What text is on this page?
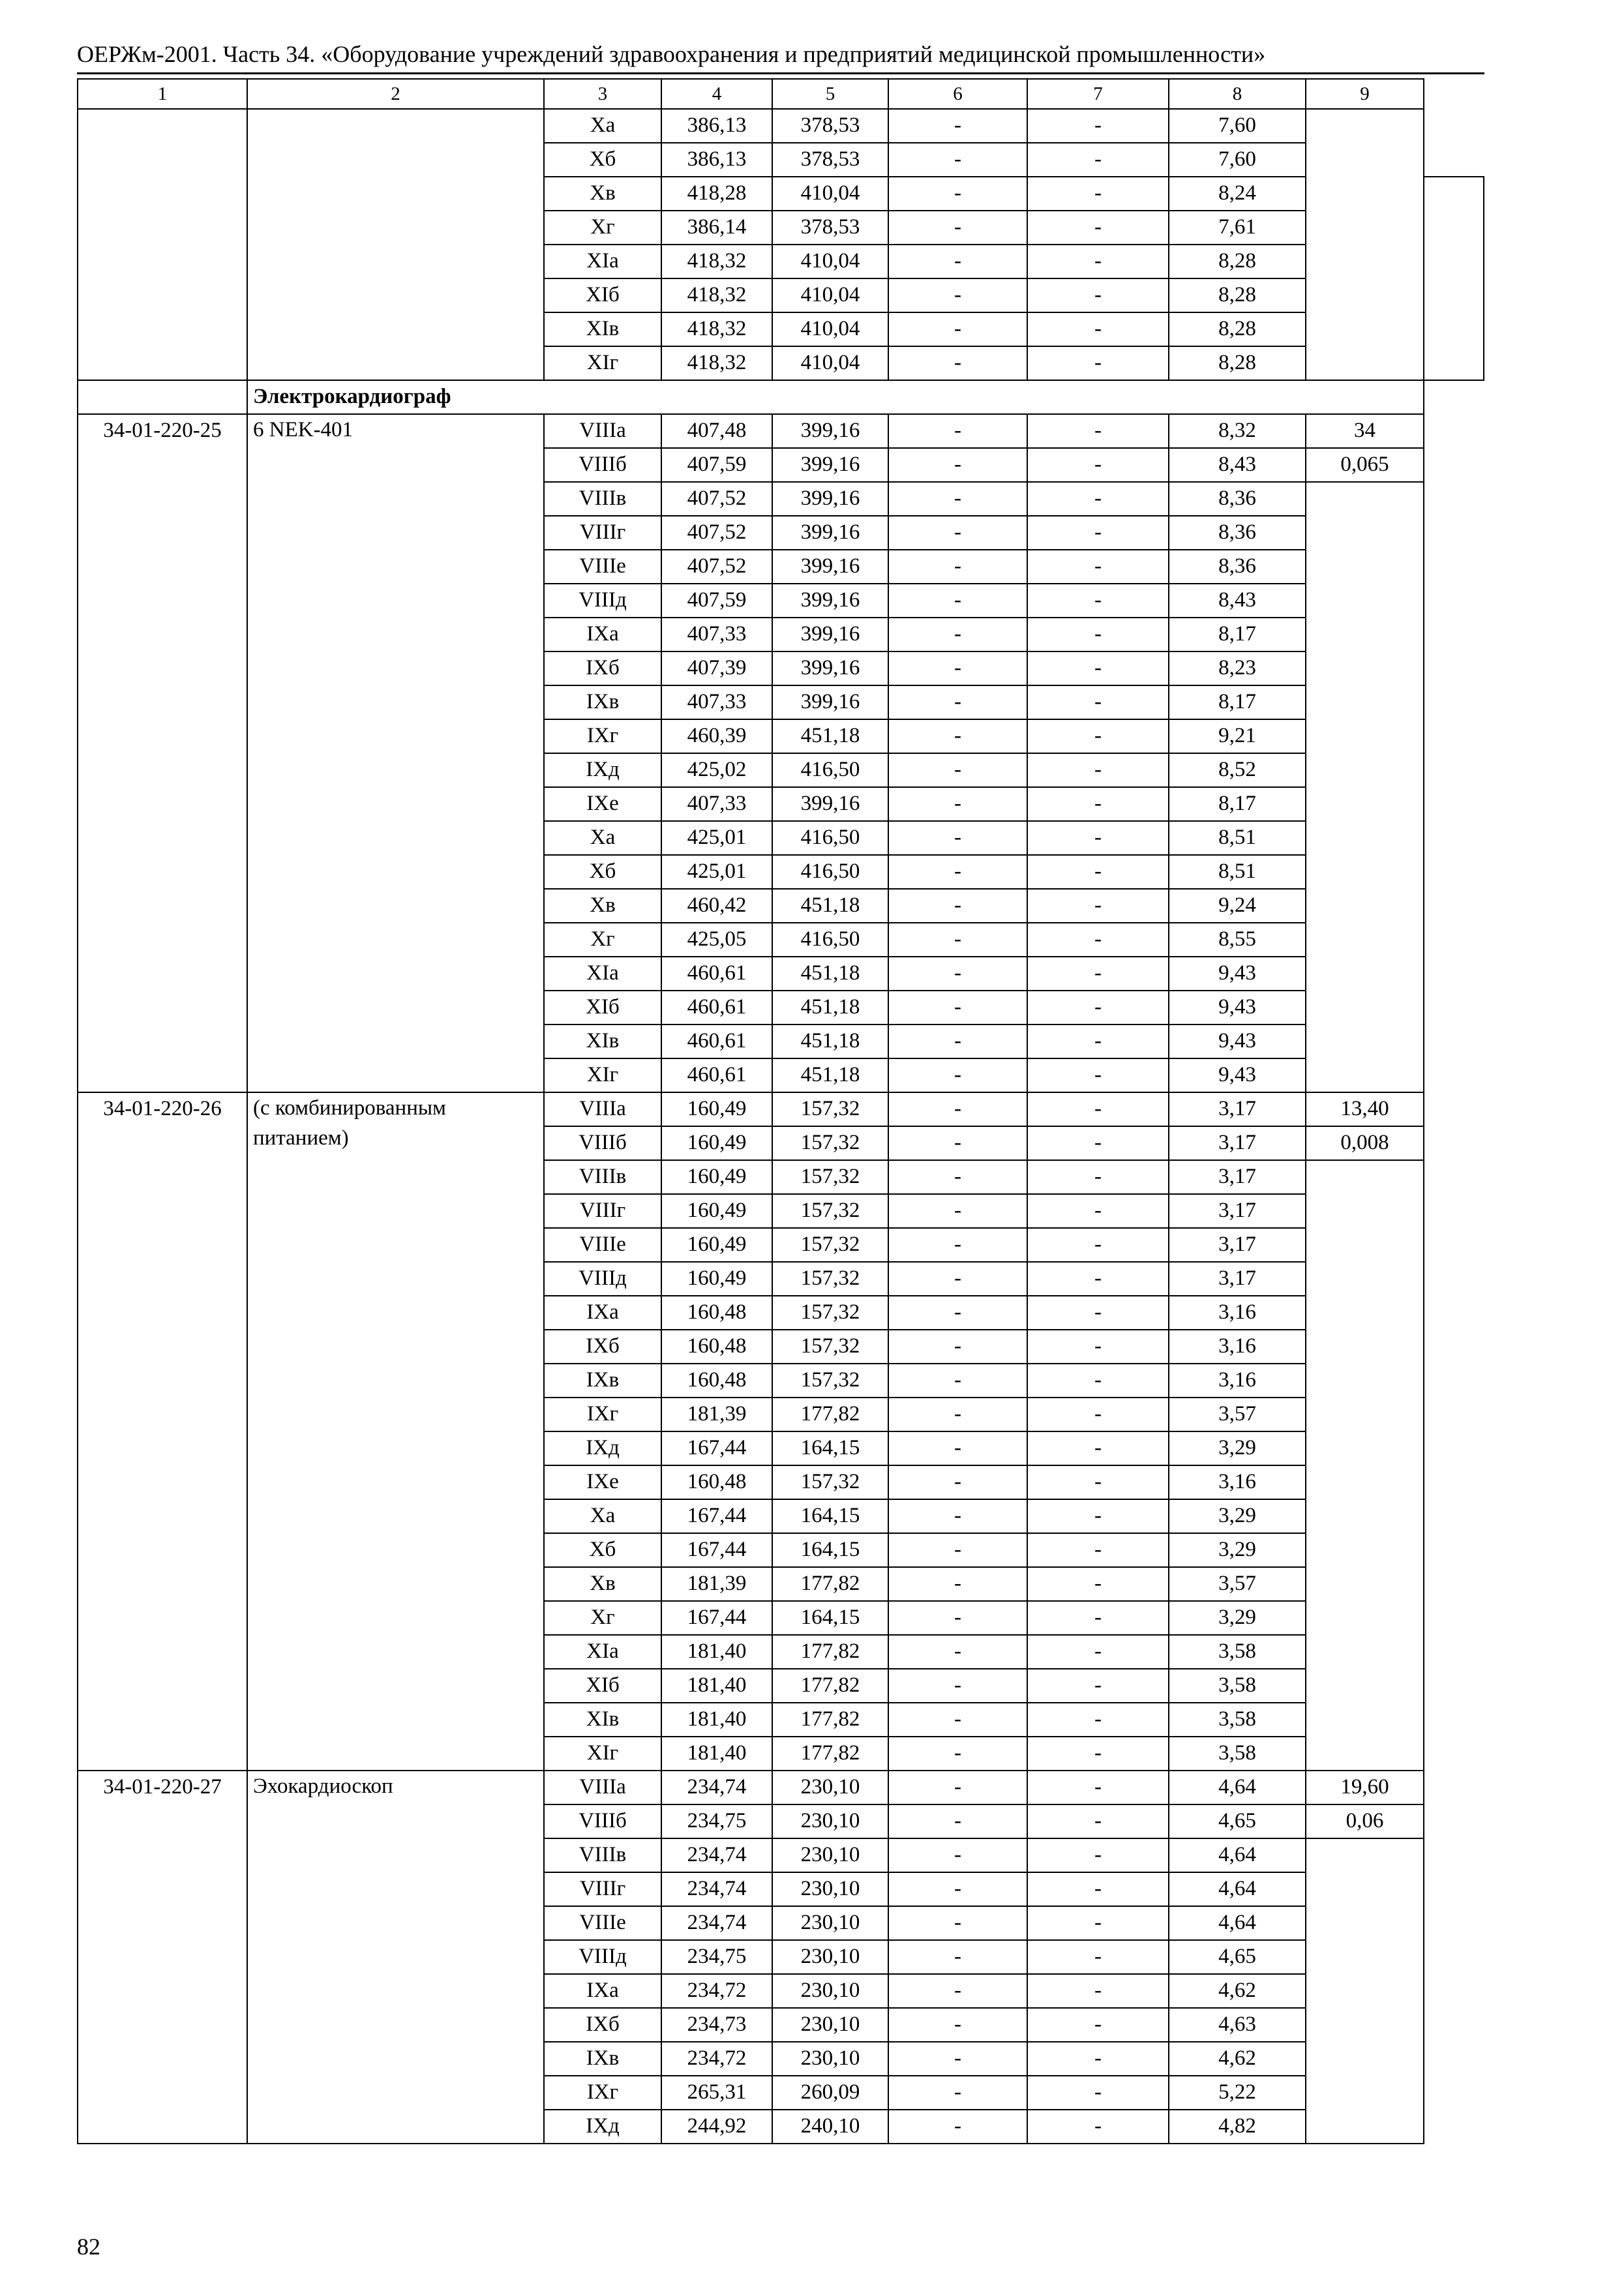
ОЕРЖм-2001. Часть 34. «Оборудование учреждений здравоохранения и предприятий медицинской промышленности»
1	2	3	4	5	6	7	8	9	
		Ха	386,13	378,53	-	-	7,60		
		Хб	386,13	378,53	-	-	7,60		
		Хв	418,28	410,04	-	-	8,24		
		Хг	386,14	378,53	-	-	7,61		
		ХIа	418,32	410,04	-	-	8,28		
		ХIб	418,32	410,04	-	-	8,28		
		ХIв	418,32	410,04	-	-	8,28		
		ХIг	418,32	410,04	-	-	8,28		
	Электрокардиограф								
34-01-220-25	6 NEK-401	VIIIа	407,48	399,16	-	-	8,32	34	
		VIIIб	407,59	399,16	-	-	8,43	0,065	
		VIIIв	407,52	399,16	-	-	8,36		
		VIIIг	407,52	399,16	-	-	8,36		
		VIIIе	407,52	399,16	-	-	8,36		
		VIIIд	407,59	399,16	-	-	8,43		
		IХа	407,33	399,16	-	-	8,17		
		IХб	407,39	399,16	-	-	8,23		
		IХв	407,33	399,16	-	-	8,17		
		IХг	460,39	451,18	-	-	9,21		
		IХд	425,02	416,50	-	-	8,52		
		IХе	407,33	399,16	-	-	8,17		
		Ха	425,01	416,50	-	-	8,51		
		Хб	425,01	416,50	-	-	8,51		
		Хв	460,42	451,18	-	-	9,24		
		Хг	425,05	416,50	-	-	8,55		
		ХIа	460,61	451,18	-	-	9,43		
		ХIб	460,61	451,18	-	-	9,43		
		ХIв	460,61	451,18	-	-	9,43		
		ХIг	460,61	451,18	-	-	9,43		
34-01-220-26	(с комбинированным питанием)	VIIIа	160,49	157,32	-	-	3,17	13,40	
		VIIIб	160,49	157,32	-	-	3,17	0,008	
		VIIIв	160,49	157,32	-	-	3,17		
		VIIIг	160,49	157,32	-	-	3,17		
		VIIIе	160,49	157,32	-	-	3,17		
		VIIIд	160,49	157,32	-	-	3,17		
		IХа	160,48	157,32	-	-	3,16		
		IХб	160,48	157,32	-	-	3,16		
		IХв	160,48	157,32	-	-	3,16		
		IХг	181,39	177,82	-	-	3,57		
		IХд	167,44	164,15	-	-	3,29		
		IХе	160,48	157,32	-	-	3,16		
		Ха	167,44	164,15	-	-	3,29		
		Хб	167,44	164,15	-	-	3,29		
		Хв	181,39	177,82	-	-	3,57		
		Хг	167,44	164,15	-	-	3,29		
		ХIа	181,40	177,82	-	-	3,58		
		ХIб	181,40	177,82	-	-	3,58		
		ХIв	181,40	177,82	-	-	3,58		
		ХIг	181,40	177,82	-	-	3,58		
34-01-220-27	Эхокардиоскоп	VIIIа	234,74	230,10	-	-	4,64	19,60	
		VIIIб	234,75	230,10	-	-	4,65	0,06	
		VIIIв	234,74	230,10	-	-	4,64		
		VIIIг	234,74	230,10	-	-	4,64		
		VIIIе	234,74	230,10	-	-	4,64		
		VIIIд	234,75	230,10	-	-	4,65		
		IХа	234,72	230,10	-	-	4,62		
		IХб	234,73	230,10	-	-	4,63		
		IХв	234,72	230,10	-	-	4,62		
		IХг	265,31	260,09	-	-	5,22		
		IХд	244,92	240,10	-	-	4,82		
82
